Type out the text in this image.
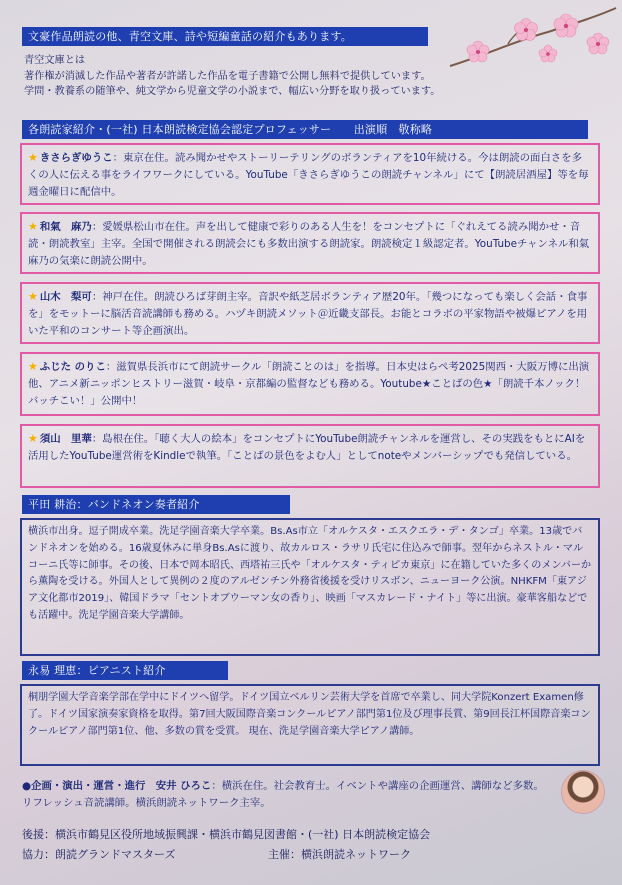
文豪作品朗読の他、青空文庫、詩や短編童話の紹介もあります。
青空文庫とは
著作権が消滅した作品や著者が許諾した作品を電子書籍で公開し無料で提供しています。
学問・教養系の随筆や、純文学から児童文学の小説まで、幅広い分野を取り扱っています。
各朗読家紹介・(一社) 日本朗読検定協会認定プロフェッサー　　出演順　敬称略
★ きさらぎゆうこ：東京在住。読み聞かせやストーリーテリングのボランティアを10年続ける。今は朗読の面白さを多くの人に伝える事をライフワークにしている。YouTube「きさらぎゆうこの朗読チャンネル」にて【朗読居酒屋】等を毎週金曜日に配信中。
★ 和氣　麻乃：愛媛県松山市在住。声を出して健康で彩りのある人生を！をコンセプトに「ぐれえてる読み聞かせ・音読・朗読教室」主宰。全国で開催される朗読会にも多数出演する朗読家。朗読検定１級認定者。YouTubeチャンネル和氣麻乃の気楽に朗読公開中。
★ 山木　梨可：神戸在住。朗読ひろば芽朗主宰。音訳や紙芝居ボランティア歴20年。「幾つになっても楽しく会話・食事を」をモットーに脳活音読講師も務める。ハヅキ朗読メソット＠近畿支部長。お能とコラボの平家物語や被爆ピアノを用いた平和のコンサート等企画演出。
★ ふじた のりこ：滋賀県長浜市にて朗読サークル「朗読ことのは」を指導。日本史はらぺ考2025関西・大阪万博に出演他、アニメ新ニッポンヒストリー滋賀・岐阜・京都編の監督なども務める。Youtube★ことばの色★「朗読千本ノック！バッチこい！」公開中！
★ 須山　里華：島根在住。「聴く大人の絵本」をコンセプトにYouTube朗読チャンネルを運営し、その実践をもとにAIを活用したYouTube運営術をKindleで執筆。「ことばの景色をよむ人」としてnoteやメンバーシップでも発信している。
平田 耕治：バンドネオン奏者紹介
横浜市出身。逗子開成卒業。洗足学園音楽大学卒業。Bs.As市立「オルケスタ・エスクエラ・デ・タンゴ」卒業。13歳でバンドネオンを始める。16歳夏休みに単身Bs.Asに渡り、故カルロス・ラサリ氏宅に住込みで師事。翌年からネストル・マルコーニ氏等に師事。その後、日本で岡本昭氏、西塔祐三氏や「オルケスタ・ティピカ東京」に在籍していた多くのメンバーから薫陶を受ける。外国人として異例の２度のアルゼンチン外務省後援を受けリスボン、ニューヨーク公演。NHKFM「東アジア文化都市2019」、韓国ドラマ「セントオブウーマン女の香り」、映画「マスカレード・ナイト」等に出演。豪華客船などでも活躍中。洗足学園音楽大学講師。
永易 理恵：ピアニスト紹介
桐朋学園大学音楽学部在学中にドイツへ留学。ドイツ国立ベルリン芸術大学を首席で卒業し、同大学院Konzert Examen修了。ドイツ国家演奏家資格を取得。第7回大阪国際音楽コンクールピアノ部門第1位及び理事長賞、第9回長江杯国際音楽コンクールピアノ部門第1位、他、多数の賞を受賞。 現在、洗足学園音楽大学ピアノ講師。
●企画・演出・運営・進行　安井 ひろこ：横浜在住。社会教育士。イベントや講座の企画運営、講師など多数。リフレッシュ音読講師。横浜朗読ネットワーク主宰。
後援：横浜市鶴見区役所地域振興課・横浜市鶴見図書館・(一社) 日本朗読検定協会
協力：朗読グランドマスターズ	主催：横浜朗読ネットワーク
